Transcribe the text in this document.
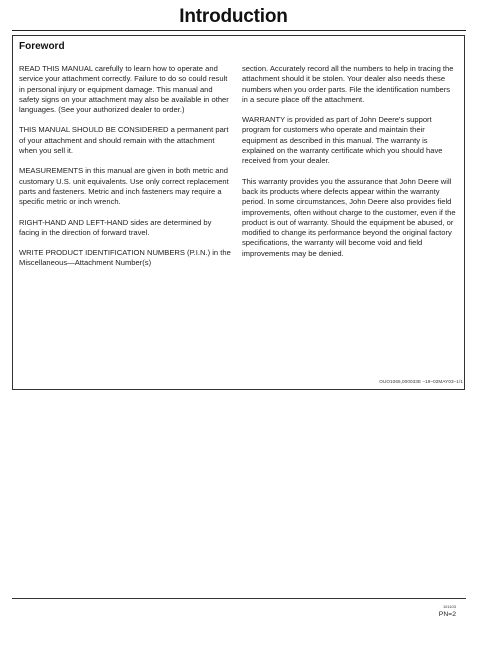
Introduction
Foreword

READ THIS MANUAL carefully to learn how to operate and service your attachment correctly. Failure to do so could result in personal injury or equipment damage. This manual and safety signs on your attachment may also be available in other languages. (See your authorized dealer to order.)

THIS MANUAL SHOULD BE CONSIDERED a permanent part of your attachment and should remain with the attachment when you sell it.

MEASUREMENTS in this manual are given in both metric and customary U.S. unit equivalents. Use only correct replacement parts and fasteners. Metric and inch fasteners may require a specific metric or inch wrench.

RIGHT-HAND AND LEFT-HAND sides are determined by facing in the direction of forward travel.

WRITE PRODUCT IDENTIFICATION NUMBERS (P.I.N.) in the Miscellaneous—Attachment Number(s)

section. Accurately record all the numbers to help in tracing the attachment should it be stolen. Your dealer also needs these numbers when you order parts. File the identification numbers in a secure place off the attachment.

WARRANTY is provided as part of John Deere's support program for customers who operate and maintain their equipment as described in this manual. The warranty is explained on the warranty certificate which you should have received from your dealer.

This warranty provides you the assurance that John Deere will back its products where defects appear within the warranty period. In some circumstances, John Deere also provides field improvements, often without charge to the customer, even if the product is out of warranty. Should the equipment be abused, or modified to change its performance beyond the original factory specifications, the warranty will become void and field improvements may be denied.

OUO1065,000033E –19–02MAY03–1/1
101103
PN=2
